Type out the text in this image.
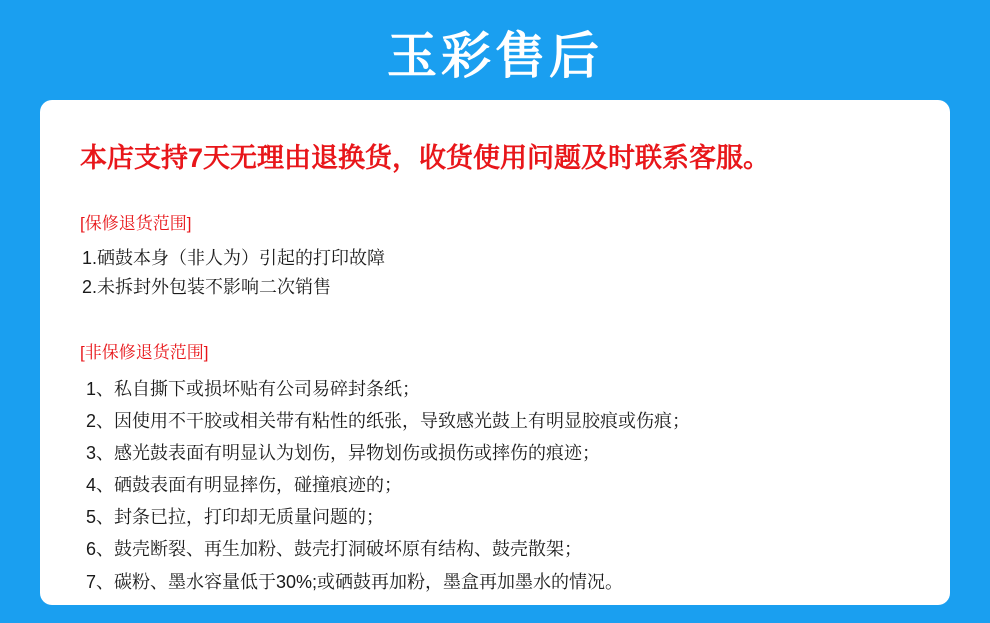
玉彩售后
本店支持7天无理由退换货，收货使用问题及时联系客服。
[保修退货范围]
1.硒鼓本身（非人为）引起的打印故障
2.未拆封外包装不影响二次销售
[非保修退货范围]
1、私自撕下或损坏贴有公司易碎封条纸；
2、因使用不干胶或相关带有粘性的纸张，导致感光鼓上有明显胶痕或伤痕；
3、感光鼓表面有明显认为划伤，异物划伤或损伤或摔伤的痕迹；
4、硒鼓表面有明显摔伤，碰撞痕迹的；
5、封条已拉，打印却无质量问题的；
6、鼓壳断裂、再生加粉、鼓壳打洞破坏原有结构、鼓壳散架；
7、碳粉、墨水容量低于30%;或硒鼓再加粉，墨盒再加墨水的情况。
